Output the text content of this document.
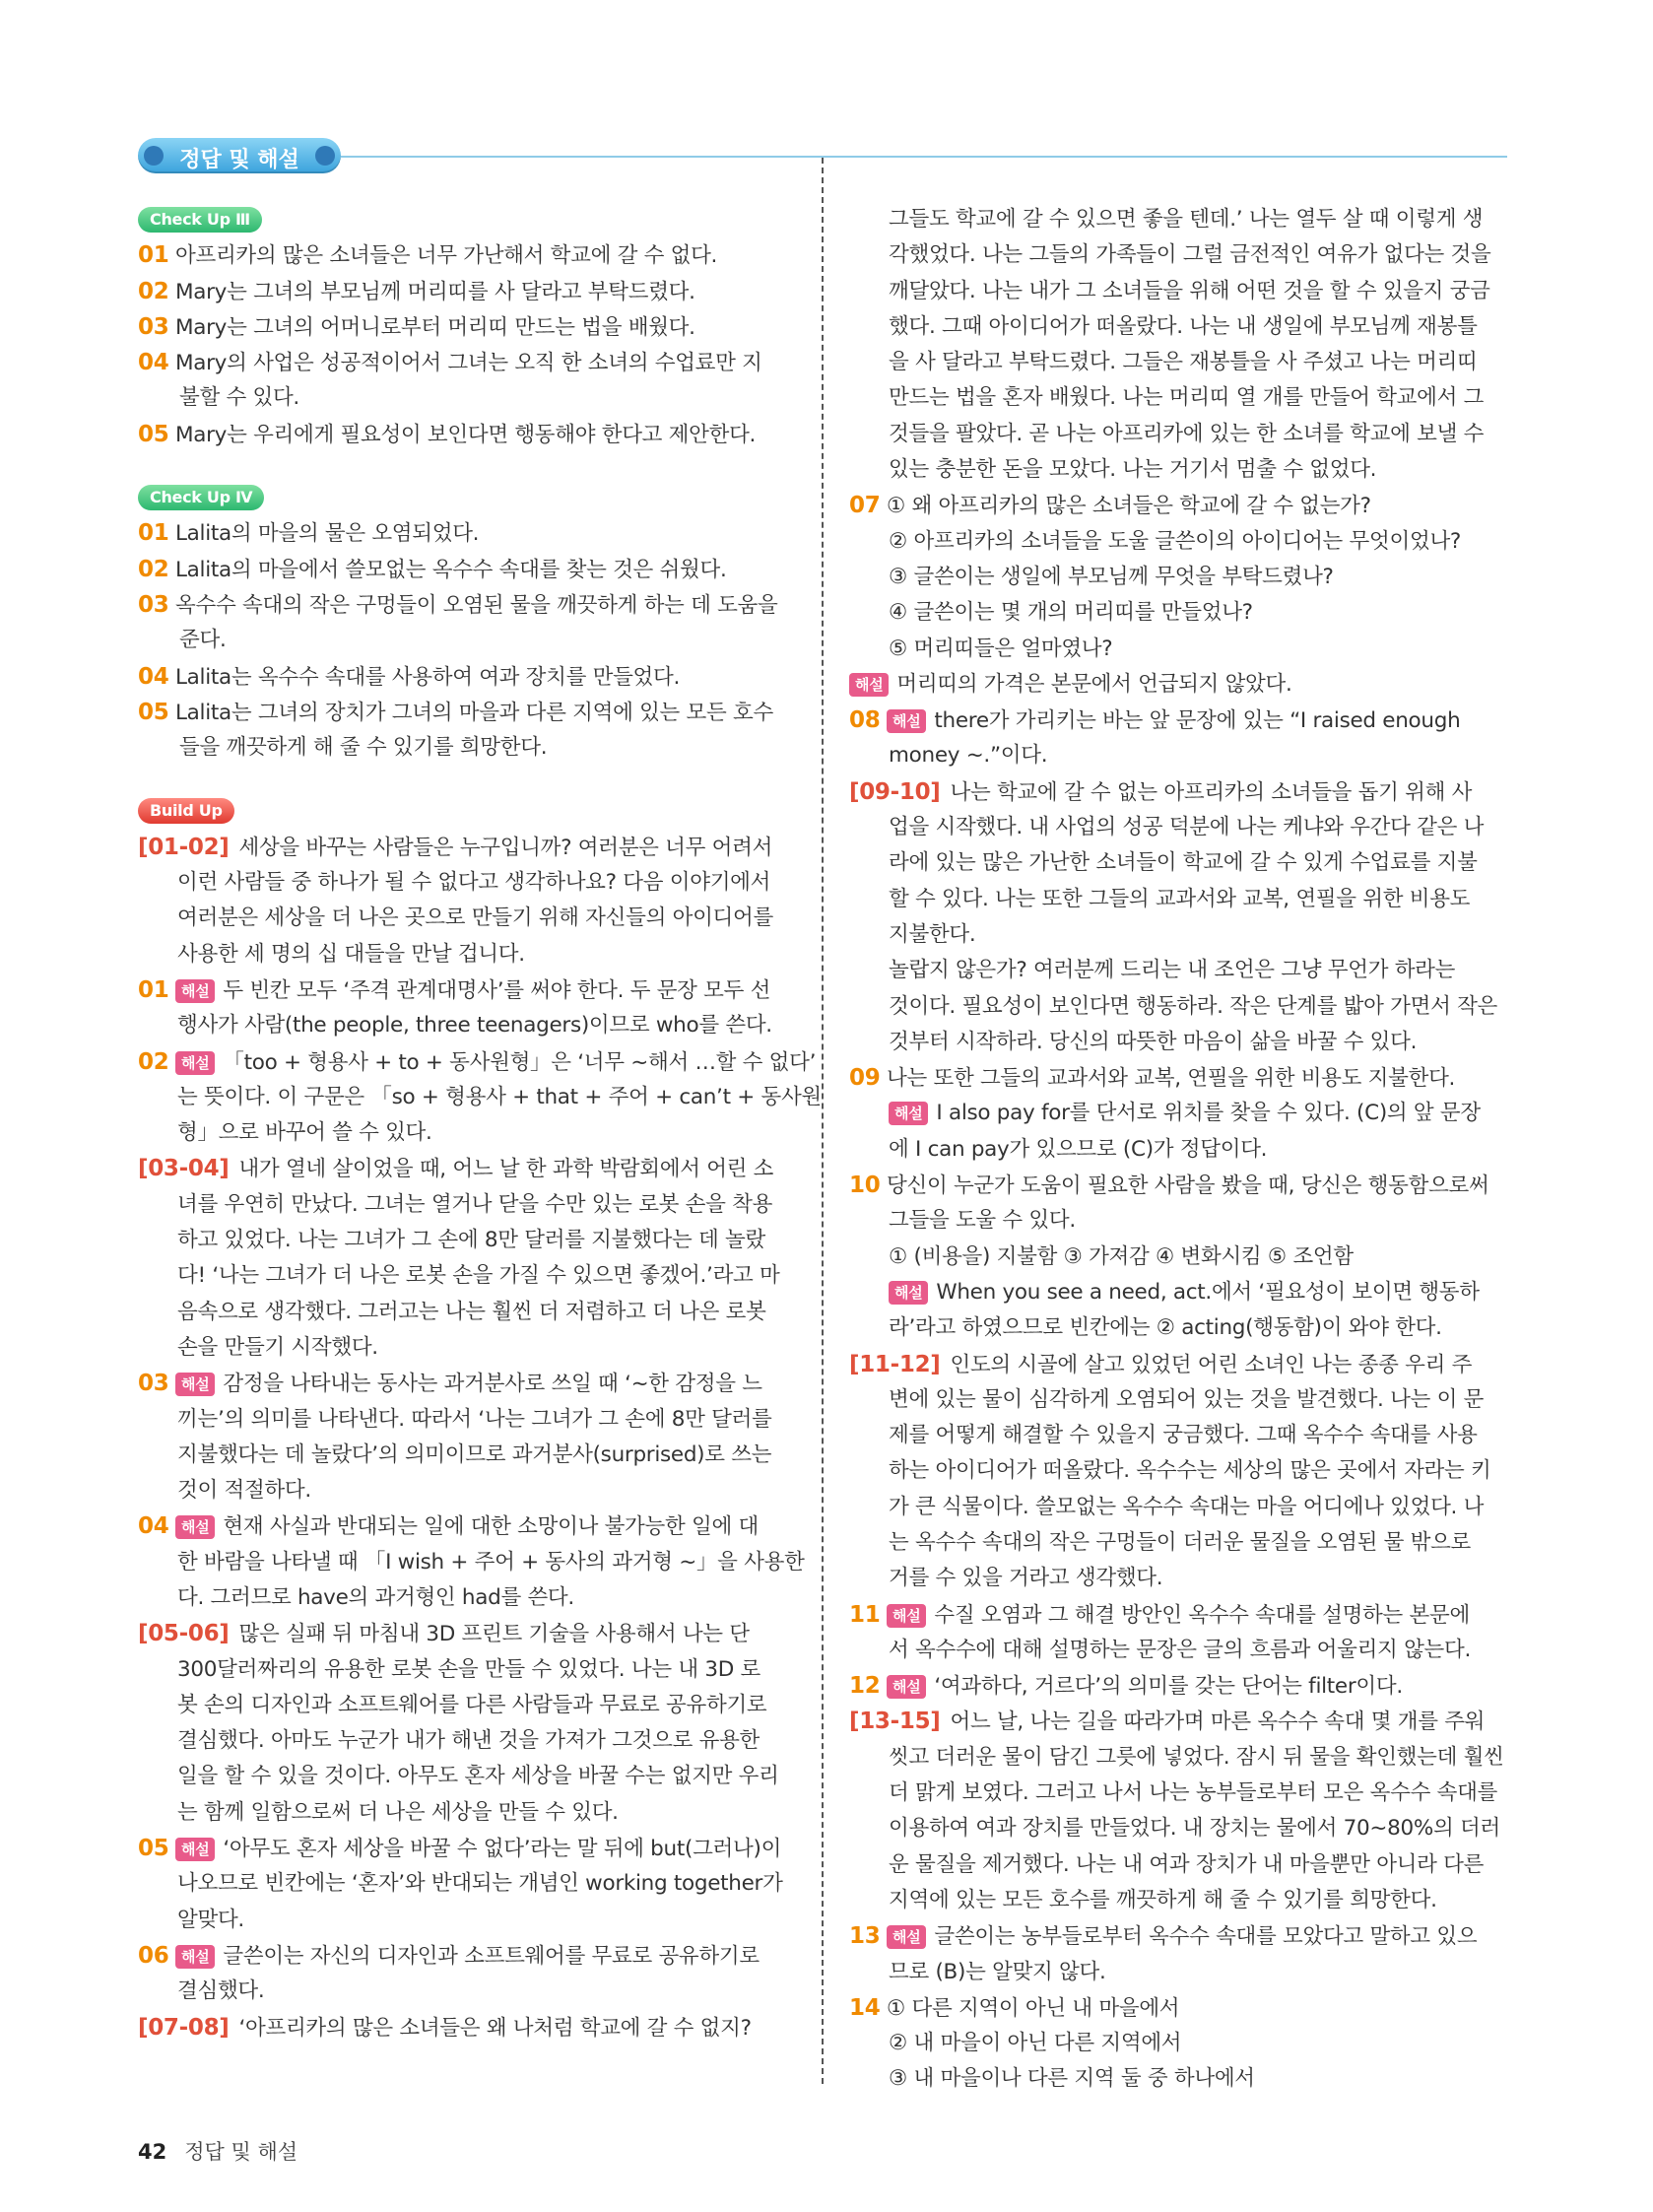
정답 및 해설
Check Up Ⅲ
01 아프리카의 많은 소녀들은 너무 가난해서 학교에 갈 수 없다.
02 Mary는 그녀의 부모님께 머리띠를 사 달라고 부탁드렸다.
03 Mary는 그녀의 어머니로부터 머리띠 만드는 법을 배웠다.
04 Mary의 사업은 성공적이어서 그녀는 오직 한 소녀의 수업료만 지
불할 수 있다.
05 Mary는 우리에게 필요성이 보인다면 행동해야 한다고 제안한다.
Check Up Ⅳ
01 Lalita의 마을의 물은 오염되었다.
02 Lalita의 마을에서 쓸모없는 옥수수 속대를 찾는 것은 쉬웠다.
03 옥수수 속대의 작은 구멍들이 오염된 물을 깨끗하게 하는 데 도움을
준다.
04 Lalita는 옥수수 속대를 사용하여 여과 장치를 만들었다.
05 Lalita는 그녀의 장치가 그녀의 마을과 다른 지역에 있는 모든 호수
들을 깨끗하게 해 줄 수 있기를 희망한다.
Build Up
[01-02] 세상을 바꾸는 사람들은 누구입니까? 여러분은 너무 어려서
이런 사람들 중 하나가 될 수 없다고 생각하나요? 다음 이야기에서
여러분은 세상을 더 나은 곳으로 만들기 위해 자신들의 아이디어를
사용한 세 명의 십 대들을 만날 겁니다.
01 해설 두 빈칸 모두 ‘주격 관계대명사’를 써야 한다. 두 문장 모두 선
행사가 사람(the people, three teenagers)이므로 who를 쓴다.
02 해설 「too + 형용사 + to + 동사원형」은 ‘너무 ~해서 …할 수 없다’
는 뜻이다. 이 구문은 「so + 형용사 + that + 주어 + can’t + 동사원
형」으로 바꾸어 쓸 수 있다.
[03-04] 내가 열네 살이었을 때, 어느 날 한 과학 박람회에서 어린 소
녀를 우연히 만났다. 그녀는 열거나 닫을 수만 있는 로봇 손을 착용
하고 있었다. 나는 그녀가 그 손에 8만 달러를 지불했다는 데 놀랐
다! ‘나는 그녀가 더 나은 로봇 손을 가질 수 있으면 좋겠어.’라고 마
음속으로 생각했다. 그러고는 나는 훨씬 더 저렴하고 더 나은 로봇
손을 만들기 시작했다.
03 해설 감정을 나타내는 동사는 과거분사로 쓰일 때 ‘~한 감정을 느
끼는’의 의미를 나타낸다. 따라서 ‘나는 그녀가 그 손에 8만 달러를
지불했다는 데 놀랐다’의 의미이므로 과거분사(surprised)로 쓰는
것이 적절하다.
04 해설 현재 사실과 반대되는 일에 대한 소망이나 불가능한 일에 대
한 바람을 나타낼 때 「I wish + 주어 + 동사의 과거형 ~」을 사용한
다. 그러므로 have의 과거형인 had를 쓴다.
[05-06] 많은 실패 뒤 마침내 3D 프린트 기술을 사용해서 나는 단
300달러짜리의 유용한 로봇 손을 만들 수 있었다. 나는 내 3D 로
봇 손의 디자인과 소프트웨어를 다른 사람들과 무료로 공유하기로
결심했다. 아마도 누군가 내가 해낸 것을 가져가 그것으로 유용한
일을 할 수 있을 것이다. 아무도 혼자 세상을 바꿀 수는 없지만 우리
는 함께 일함으로써 더 나은 세상을 만들 수 있다.
05 해설 ‘아무도 혼자 세상을 바꿀 수 없다’라는 말 뒤에 but(그러나)이
나오므로 빈칸에는 ‘혼자’와 반대되는 개념인 working together가
알맞다.
06 해설 글쓴이는 자신의 디자인과 소프트웨어를 무료로 공유하기로
결심했다.
[07-08] ‘아프리카의 많은 소녀들은 왜 나처럼 학교에 갈 수 없지?
그들도 학교에 갈 수 있으면 좋을 텐데.’ 나는 열두 살 때 이렇게 생
각했었다. 나는 그들의 가족들이 그럴 금전적인 여유가 없다는 것을
깨달았다. 나는 내가 그 소녀들을 위해 어떤 것을 할 수 있을지 궁금
했다. 그때 아이디어가 떠올랐다. 나는 내 생일에 부모님께 재봉틀
을 사 달라고 부탁드렸다. 그들은 재봉틀을 사 주셨고 나는 머리띠
만드는 법을 혼자 배웠다. 나는 머리띠 열 개를 만들어 학교에서 그
것들을 팔았다. 곧 나는 아프리카에 있는 한 소녀를 학교에 보낼 수
있는 충분한 돈을 모았다. 나는 거기서 멈출 수 없었다.
07 ① 왜 아프리카의 많은 소녀들은 학교에 갈 수 없는가?
② 아프리카의 소녀들을 도울 글쓴이의 아이디어는 무엇이었나?
③ 글쓴이는 생일에 부모님께 무엇을 부탁드렸나?
④ 글쓴이는 몇 개의 머리띠를 만들었나?
⑤ 머리띠들은 얼마였나?
해설 머리띠의 가격은 본문에서 언급되지 않았다.
08 해설 there가 가리키는 바는 앞 문장에 있는 “I raised enough
money ~.”이다.
[09-10] 나는 학교에 갈 수 없는 아프리카의 소녀들을 돕기 위해 사
업을 시작했다. 내 사업의 성공 덕분에 나는 케냐와 우간다 같은 나
라에 있는 많은 가난한 소녀들이 학교에 갈 수 있게 수업료를 지불
할 수 있다. 나는 또한 그들의 교과서와 교복, 연필을 위한 비용도
지불한다.
놀랍지 않은가? 여러분께 드리는 내 조언은 그냥 무언가 하라는
것이다. 필요성이 보인다면 행동하라. 작은 단계를 밟아 가면서 작은
것부터 시작하라. 당신의 따뜻한 마음이 삶을 바꿀 수 있다.
09 나는 또한 그들의 교과서와 교복, 연필을 위한 비용도 지불한다.
해설 I also pay for를 단서로 위치를 찾을 수 있다. (C)의 앞 문장
에 I can pay가 있으므로 (C)가 정답이다.
10 당신이 누군가 도움이 필요한 사람을 봤을 때, 당신은 행동함으로써
그들을 도울 수 있다.
① (비용을) 지불함 ③ 가져감 ④ 변화시킴 ⑤ 조언함
해설 When you see a need, act.에서 ‘필요성이 보이면 행동하
라’라고 하였으므로 빈칸에는 ② acting(행동함)이 와야 한다.
[11-12] 인도의 시골에 살고 있었던 어린 소녀인 나는 종종 우리 주
변에 있는 물이 심각하게 오염되어 있는 것을 발견했다. 나는 이 문
제를 어떻게 해결할 수 있을지 궁금했다. 그때 옥수수 속대를 사용
하는 아이디어가 떠올랐다. 옥수수는 세상의 많은 곳에서 자라는 키
가 큰 식물이다. 쓸모없는 옥수수 속대는 마을 어디에나 있었다. 나
는 옥수수 속대의 작은 구멍들이 더러운 물질을 오염된 물 밖으로
거를 수 있을 거라고 생각했다.
11 해설 수질 오염과 그 해결 방안인 옥수수 속대를 설명하는 본문에
서 옥수수에 대해 설명하는 문장은 글의 흐름과 어울리지 않는다.
12 해설 ‘여과하다, 거르다’의 의미를 갖는 단어는 filter이다.
[13-15] 어느 날, 나는 길을 따라가며 마른 옥수수 속대 몇 개를 주워
씻고 더러운 물이 담긴 그릇에 넣었다. 잠시 뒤 물을 확인했는데 훨씬
더 맑게 보였다. 그러고 나서 나는 농부들로부터 모은 옥수수 속대를
이용하여 여과 장치를 만들었다. 내 장치는 물에서 70~80%의 더러
운 물질을 제거했다. 나는 내 여과 장치가 내 마을뿐만 아니라 다른
지역에 있는 모든 호수를 깨끗하게 해 줄 수 있기를 희망한다.
13 해설 글쓴이는 농부들로부터 옥수수 속대를 모았다고 말하고 있으
므로 (B)는 알맞지 않다.
14 ① 다른 지역이 아닌 내 마을에서
② 내 마을이 아닌 다른 지역에서
③ 내 마을이나 다른 지역 둘 중 하나에서
42 정답 및 해설
